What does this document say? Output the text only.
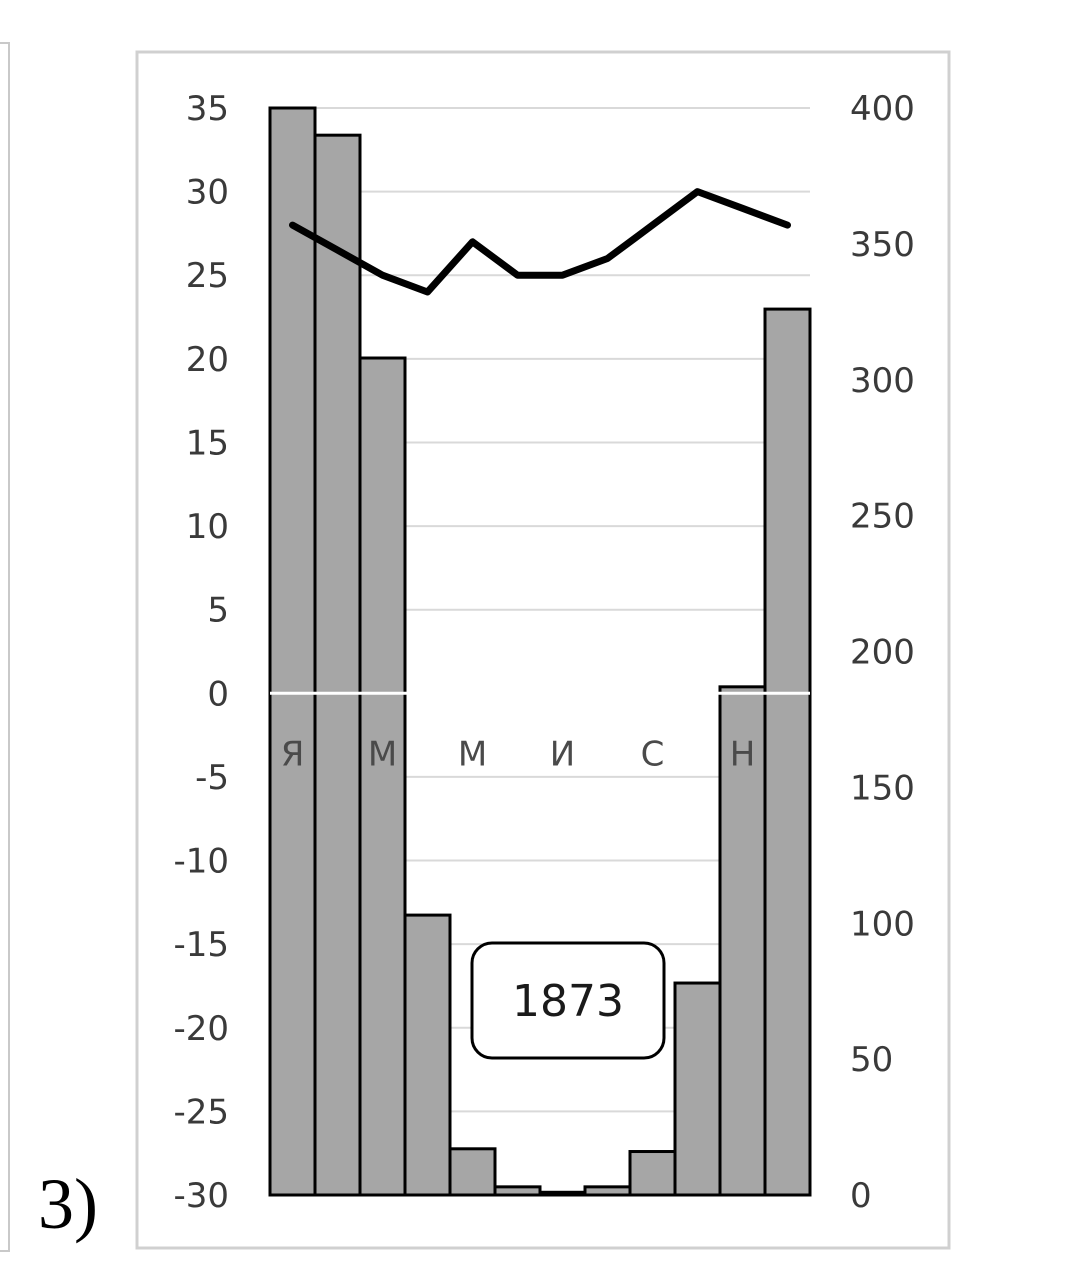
3)
Я М М И С Н
35
30
25
20
15
10
5
0
-5
-10
-15
-20
-25
-30	0
50
100
150
200
250
300
350
400
1873
